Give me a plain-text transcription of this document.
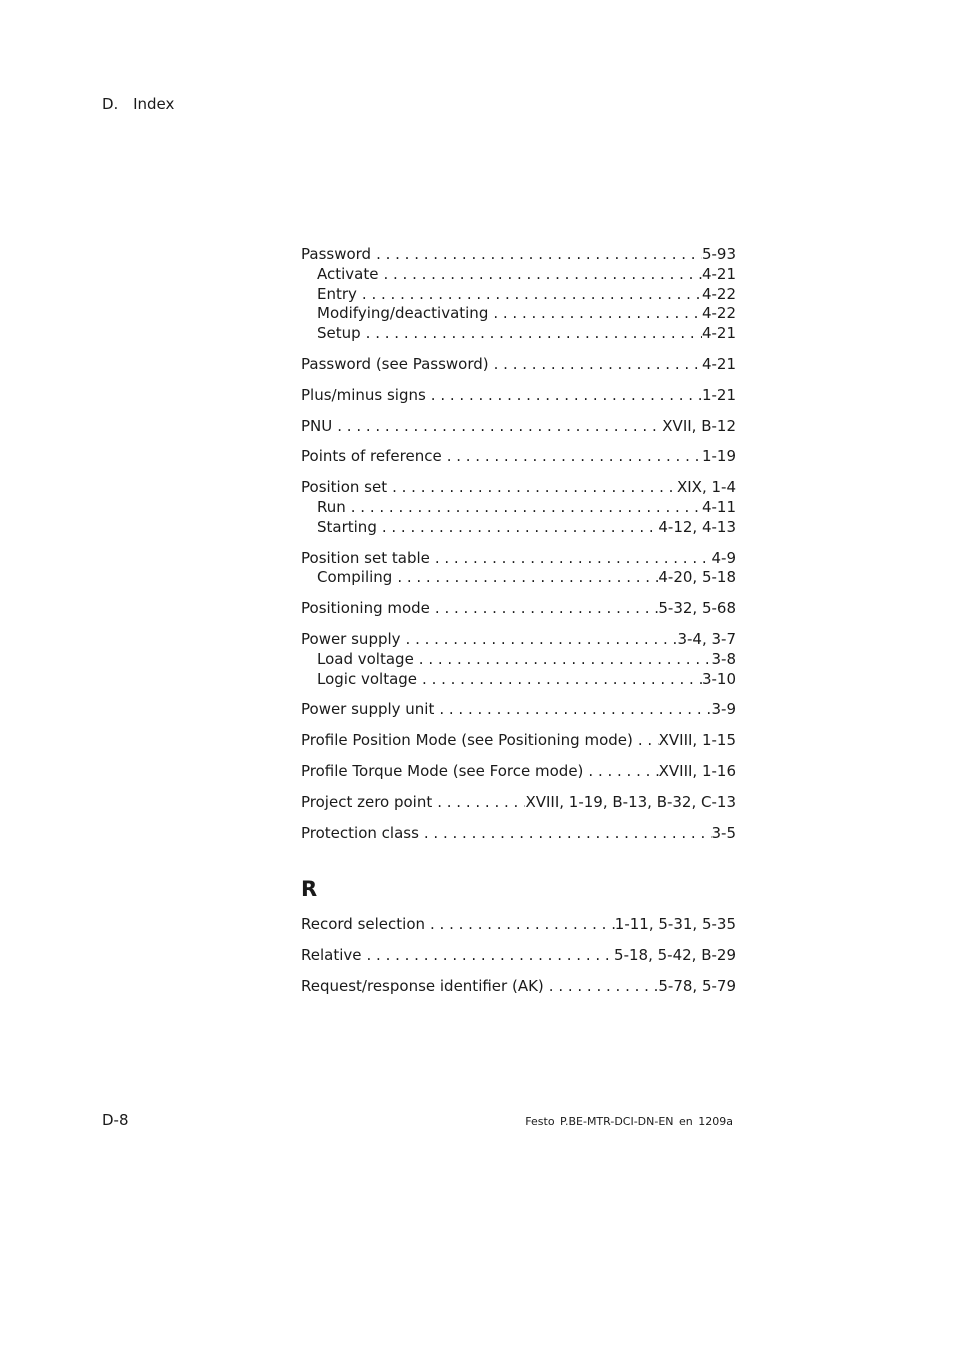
D. Index
Password . . .	5-93
Activate . . .	4-21
Entry . . .	4-22
Modifying/deactivating . . .	4-22
Setup . . .	4-21
Password (see Password) . . .	4-21
Plus/minus signs . . .	1-21
PNU . . .	XVII, B-12
Points of reference . . .	1-19
Position set . . .	XIX, 1-4
Run . . .	4-11
Starting . . .	4-12, 4-13
Position set table . . .	4-9
Compiling . . .	4-20, 5-18
Positioning mode . . .	5-32, 5-68
Power supply . . .	3-4, 3-7
Load voltage . . .	3-8
Logic voltage . . .	3-10
Power supply unit . . .	3-9
Profile Position Mode (see Positioning mode) . . . XVIII, 1-15
Profile Torque Mode (see Force mode) . . .	XVIII, 1-16
Project zero point . . .	XVIII, 1-19, B-13, B-32, C-13
Protection class . . .	3-5
R
Record selection . . .	1-11, 5-31, 5-35
Relative . . .	5-18, 5-42, B-29
Request/response identifier (AK) . . .	5-78, 5-79
D-8	Festo P.BE-MTR-DCI-DN-EN en 1209a
